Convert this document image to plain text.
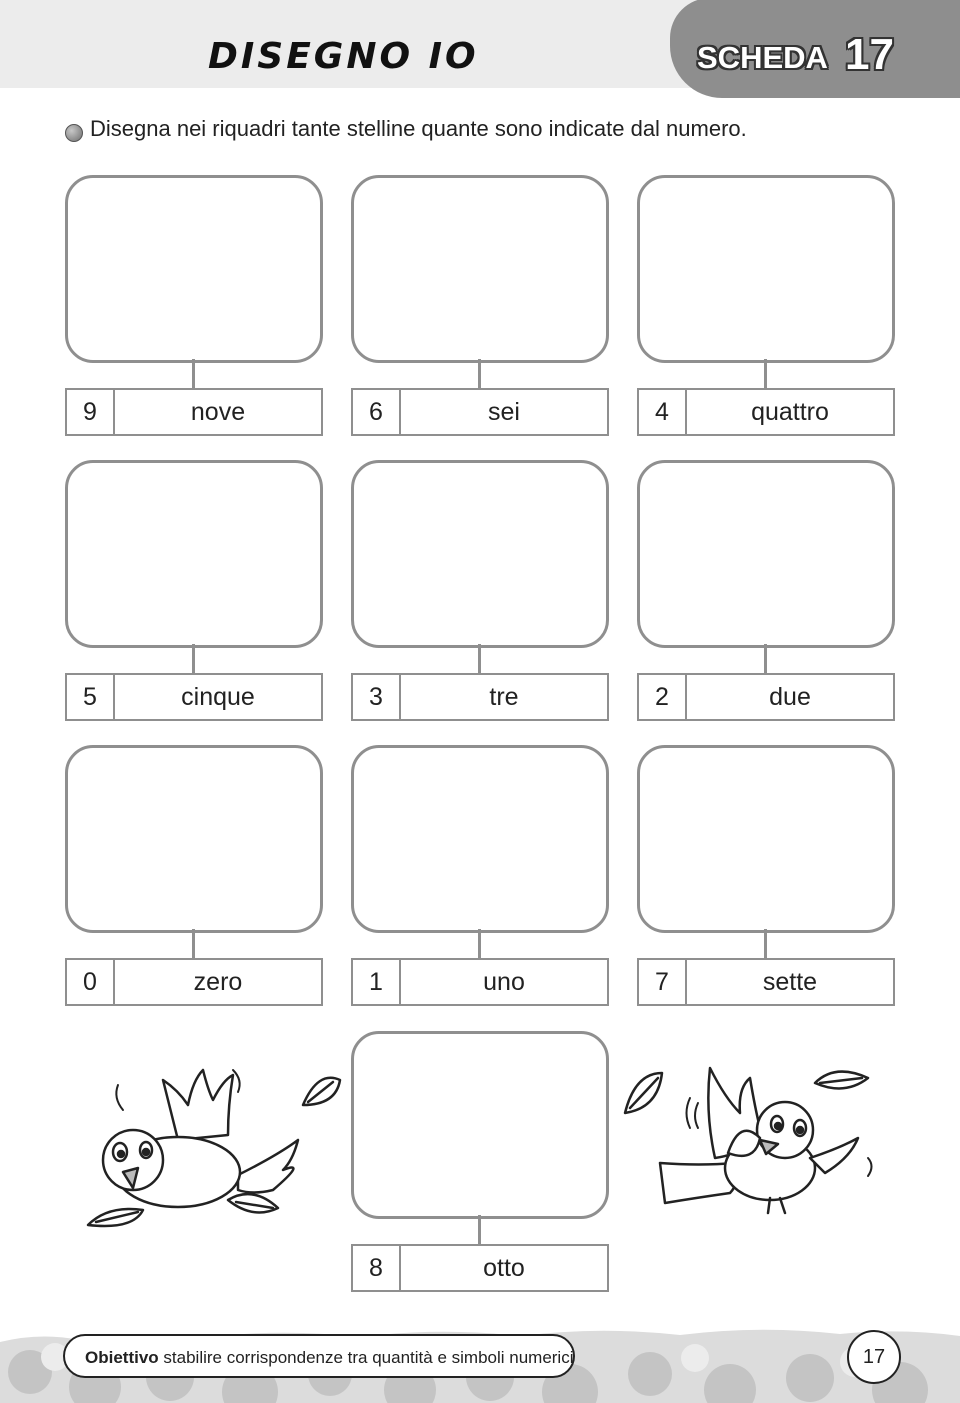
DISEGNO IO	SCHEDA 17
Disegna nei riquadri tante stelline quante sono indicate dal numero.
9	nove	6	sei	4	quattro
5	cinque	3	tre	2	due
0	zero	1	uno	7	sette
8	otto
Obiettivo stabilire corrispondenze tra quantità e simboli numerici	17
